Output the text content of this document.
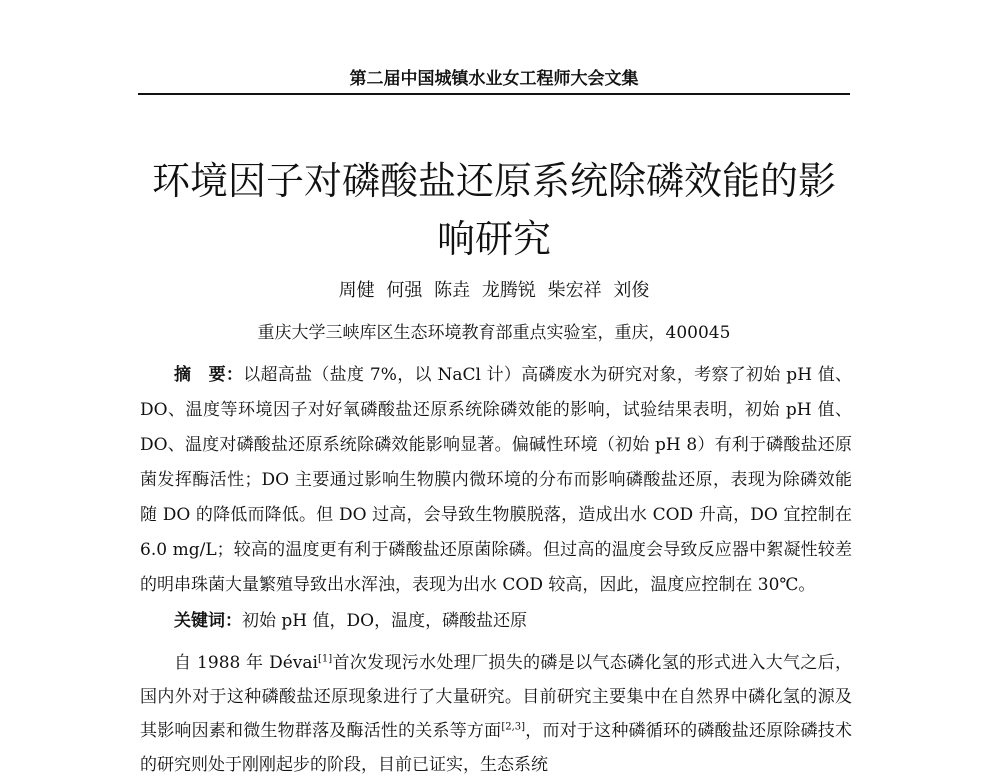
第二届中国城镇水业女工程师大会文集
环境因子对磷酸盐还原系统除磷效能的影响研究
周健 何强 陈垚 龙腾锐 柴宏祥 刘俊
重庆大学三峡库区生态环境教育部重点实验室，重庆，400045
摘　要：以超高盐（盐度 7%，以 NaCl 计）高磷废水为研究对象，考察了初始 pH 值、DO、温度等环境因子对好氧磷酸盐还原系统除磷效能的影响，试验结果表明，初始 pH 值、DO、温度对磷酸盐还原系统除磷效能影响显著。偏碱性环境（初始 pH 8）有利于磷酸盐还原菌发挥酶活性；DO 主要通过影响生物膜内微环境的分布而影响磷酸盐还原，表现为除磷效能随 DO 的降低而降低。但 DO 过高，会导致生物膜脱落，造成出水 COD 升高，DO 宜控制在 6.0 mg/L；较高的温度更有利于磷酸盐还原菌除磷。但过高的温度会导致反应器中絮凝性较差的明串珠菌大量繁殖导致出水浑浊，表现为出水 COD 较高，因此，温度应控制在 30℃。
关键词：初始 pH 值，DO，温度，磷酸盐还原
自 1988 年 Dévai[1]首次发现污水处理厂损失的磷是以气态磷化氢的形式进入大气之后，国内外对于这种磷酸盐还原现象进行了大量研究。目前研究主要集中在自然界中磷化氢的源及其影响因素和微生物群落及酶活性的关系等方面[2,3]，而对于这种磷循环的磷酸盐还原除磷技术的研究则处于刚刚起步的阶段，目前已证实，生态系统
